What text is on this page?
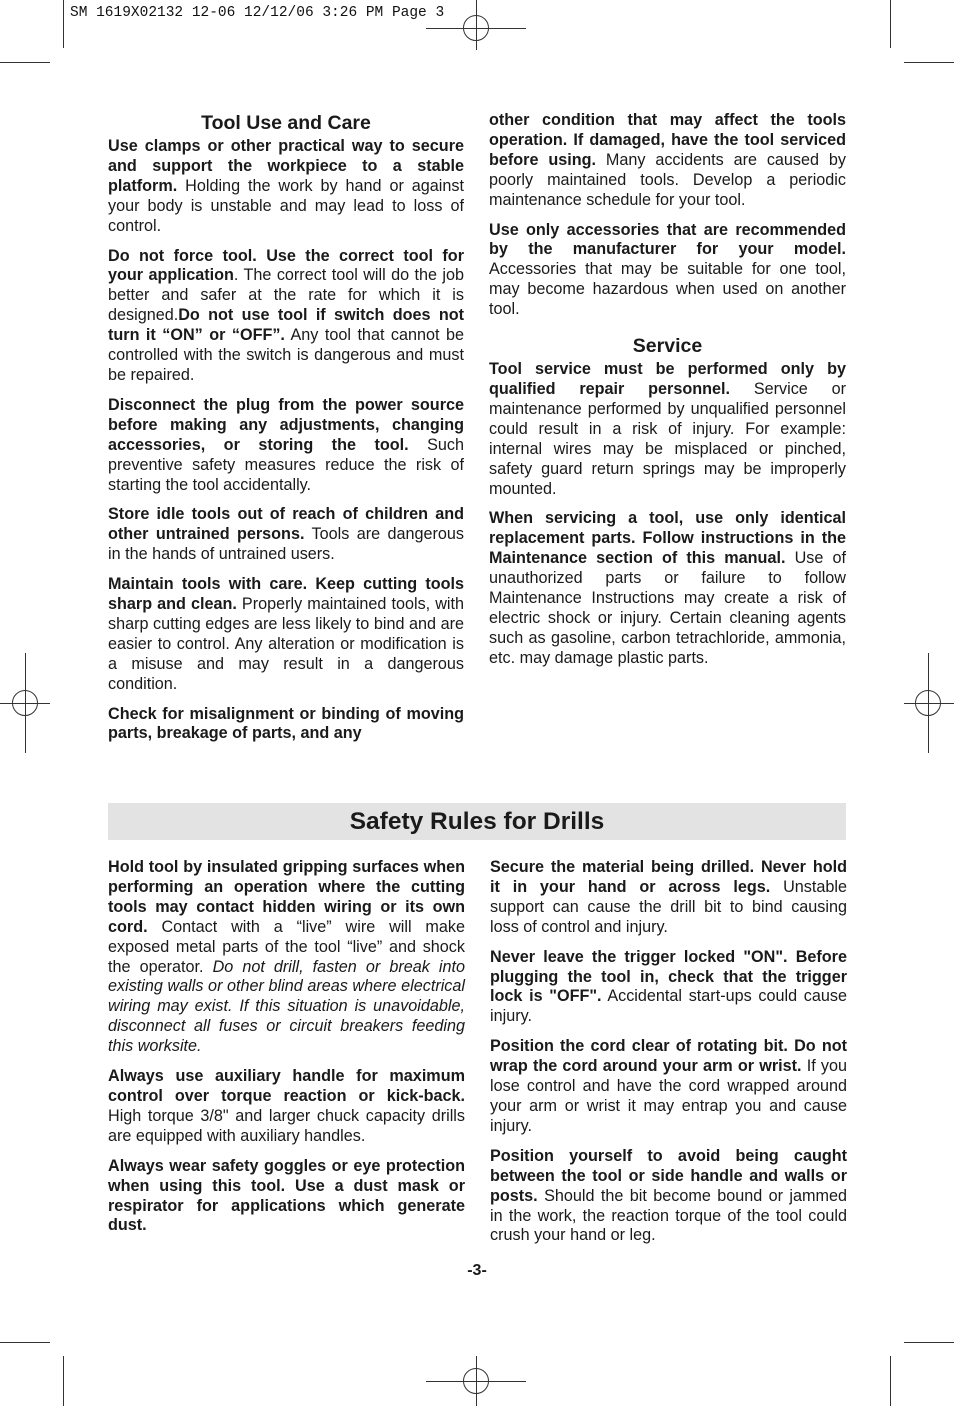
SM 1619X02132 12-06 12/12/06 3:26 PM Page 3
Tool Use and Care

Use clamps or other practical way to secure and support the workpiece to a stable platform. Holding the work by hand or against your body is unstable and may lead to loss of control.

Do not force tool. Use the correct tool for your application. The correct tool will do the job better and safer at the rate for which it is designed.Do not use tool if switch does not turn it “ON” or “OFF”. Any tool that cannot be controlled with the switch is dangerous and must be repaired.

Disconnect the plug from the power source before making any adjustments, changing accessories, or storing the tool. Such preventive safety measures reduce the risk of starting the tool accidentally.

Store idle tools out of reach of children and other untrained persons. Tools are dangerous in the hands of untrained users.

Maintain tools with care. Keep cutting tools sharp and clean. Properly maintained tools, with sharp cutting edges are less likely to bind and are easier to control. Any alteration or modification is a misuse and may result in a dangerous condition.

Check for misalignment or binding of moving parts, breakage of parts, and any

other condition that may affect the tools operation. If damaged, have the tool serviced before using. Many accidents are caused by poorly maintained tools. Develop a periodic maintenance schedule for your tool.

Use only accessories that are recommended by the manufacturer for your model. Accessories that may be suitable for one tool, may become hazardous when used on another tool.

Service

Tool service must be performed only by qualified repair personnel. Service or maintenance performed by unqualified personnel could result in a risk of injury. For example: internal wires may be misplaced or pinched, safety guard return springs may be improperly mounted.

When servicing a tool, use only identical replacement parts. Follow instructions in the Maintenance section of this manual. Use of unauthorized parts or failure to follow Maintenance Instructions may create a risk of electric shock or injury. Certain cleaning agents such as gasoline, carbon tetrachloride, ammonia, etc. may damage plastic parts.

Safety Rules for Drills

Hold tool by insulated gripping surfaces when performing an operation where the cutting tools may contact hidden wiring or its own cord. Contact with a “live” wire will make exposed metal parts of the tool “live” and shock the operator. Do not drill, fasten or break into existing walls or other blind areas where electrical wiring may exist. If this situation is unavoidable, disconnect all fuses or circuit breakers feeding this worksite.

Always use auxiliary handle for maximum control over torque reaction or kick-back. High torque 3/8" and larger chuck capacity drills are equipped with auxiliary handles.

Always wear safety goggles or eye protection when using this tool. Use a dust mask or respirator for applications which generate dust.

Secure the material being drilled. Never hold it in your hand or across legs. Unstable support can cause the drill bit to bind causing loss of control and injury.

Never leave the trigger locked "ON". Before plugging the tool in, check that the trigger lock is "OFF". Accidental start-ups could cause injury.

Position the cord clear of rotating bit. Do not wrap the cord around your arm or wrist. If you lose control and have the cord wrapped around your arm or wrist it may entrap you and cause injury.

Position yourself to avoid being caught between the tool or side handle and walls or posts. Should the bit become bound or jammed in the work, the reaction torque of the tool could crush your hand or leg.

-3-
